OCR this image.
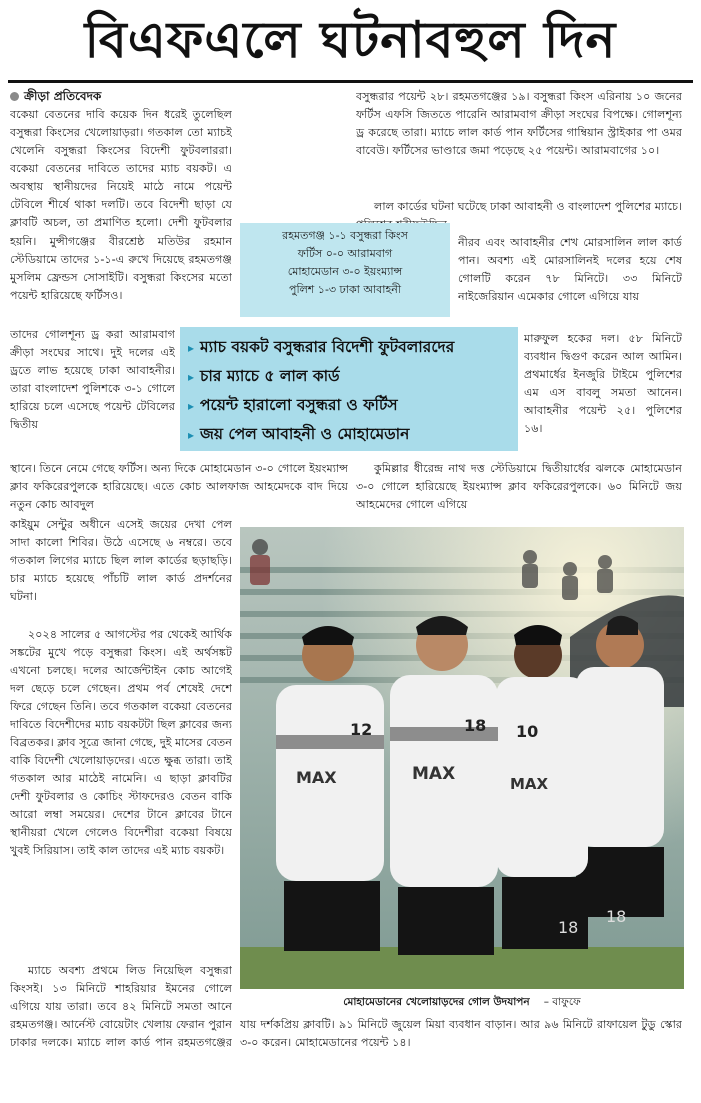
বিএফএলে ঘটনাবহুল দিন
ক্রীড়া প্রতিবেদক

বকেয়া বেতনের দাবি কয়েক দিন ধরেই তুলেছিল বসুন্ধরা কিংসের খেলোয়াড়রা। গতকাল তো ম্যাচই খেলেনি বসুন্ধরা কিংসের বিদেশী ফুটবলাররা। বকেয়া বেতনের দাবিতে তাদের ম্যাচ বয়কট। এ অবস্থায় স্থানীয়দের নিয়েই মাঠে নামে পয়েন্ট টেবিলে শীর্ষে থাকা দলটি। তবে বিদেশী ছাড়া যে ক্লাবটি অচল, তা প্রমাণিত হলো। দেশী ফুটবলার

হয়নি। মুন্সীগঞ্জের বীরশ্রেষ্ঠ মতিউর রহমান স্টেডিয়ামে তাদের ১-১-এ রুখে দিয়েছে রহমতগঞ্জ মুসলিম ফ্রেন্ডস সোসাইটি। বসুন্ধরা কিংসের মতো পয়েন্ট হারিয়েছে ফর্টিসও।

তাদের গোলশূন্য ড্র করা আরামবাগ ক্রীড়া সংঘের সাথে। দুই দলের এই ড্রতে লাভ হয়েছে ঢাকা আবাহনীর। তারা বাংলাদেশ পুলিশকে ৩-১ গোলে হারিয়ে চলে এসেছে পয়েন্ট টেবিলের দ্বিতীয়

স্থানে। তিনে নেমে গেছে ফর্টিস। অন্য দিকে মোহামেডান ৩-০ গোলে ইয়ংম্যান্স ক্লাব ফকিরেরপুলকে হারিয়েছে। এতে কোচ আলফাজ আহমেদকে বাদ দিয়ে নতুন কোচ আবদুল

কাইয়ুম সেন্টুর অধীনে এসেই জয়ের দেখা পেল সাদা কালো শিবির। উঠে এসেছে ৬ নম্বরে। তবে গতকাল লিগের ম্যাচে ছিল লাল কার্ডের ছড়াছড়ি। চার ম্যাচে হয়েছে পাঁচটি লাল কার্ড প্রদর্শনের ঘটনা।

২০২৪ সালের ৫ আগস্টের পর থেকেই আর্থিক সঙ্কটের মুখে পড়ে বসুন্ধরা কিংস। এই অর্থসঙ্কট এখনো চলছে। দলের আর্জেন্টাইন কোচ আগেই দল ছেড়ে চলে গেছেন। প্রথম পর্ব শেষেই দেশে ফিরে গেছেন তিনি। তবে গতকাল বকেয়া বেতনের দাবিতে বিদেশীদের ম্যাচ বয়কটটা ছিল ক্লাবের জন্য বিব্রতকর। ক্লাব সূত্রে জানা গেছে, দুই মাসের বেতন বাকি বিদেশী খেলোয়াড়দের। এতে ক্ষুব্ধ তারা। তাই গতকাল আর মাঠেই নামেনি। এ ছাড়া ক্লাবটির দেশী ফুটবলার ও কোচিং স্টাফদেরও বেতন বাকি আরো লম্বা সময়ের। দেশের টানে ক্লাবের টানে স্থানীয়রা খেলে গেলেও বিদেশীরা বকেয়া বিষয়ে খুবই সিরিয়াস। তাই কাল তাদের এই ম্যাচ বয়কট।

ম্যাচে অবশ্য প্রথমে লিড নিয়েছিল বসুন্ধরা কিংসই। ১৩ মিনিটে শাহরিয়ার ইমনের গোলে এগিয়ে যায় তারা। তবে ৪২ মিনিটে সমতা আনে রহমতগঞ্জ। আর্নেস্ট বোয়েটাং খেলায় ফেরান পুরান ঢাকার দলকে। ম্যাচে লাল কার্ড পান রহমতগঞ্জের

বসুন্ধরার পয়েন্ট ২৮। রহমতগঞ্জের ১৯। বসুন্ধরা কিংস এরিনায় ১০ জনের ফর্টিস এফসি জিততে পারেনি আরামবাগ ক্রীড়া সংঘের বিপক্ষে। গোলশূন্য ড্র করেছে তারা। ম্যাচে লাল কার্ড পান ফর্টিসের গাম্বিয়ান স্ট্রাইকার পা ওমর বাবেউ। ফর্টিসের ভাণ্ডারে জমা পড়েছে ২৫ পয়েন্ট। আরামবাগের ১০।

লাল কার্ডের ঘটনা ঘটেছে ঢাকা আবাহনী ও বাংলাদেশ পুলিশের ম্যাচে।

নীরব এবং আবাহনীর শেখ মোরসালিন লাল কার্ড পান। অবশ্য এই মোরসালিনই দলের হয়ে শেষ গোলটি করেন ৭৮ মিনিটে। ৩৩ মিনিটে নাইজেরিয়ান এমেকার গোলে এগিয়ে যায়

মারুফুল হকের দল। ৫৮ মিনিটে ব্যবধান দ্বিগুণ করেন আল আমিন। প্রথমার্ধের ইনজুরি টাইমে পুলিশের এম এস বাবলু সমতা আনেন। আবাহনীর পয়েন্ট ২৫। পুলিশের ১৬।

কুমিল্লার ধীরেন্দ্র নাথ দত্ত স্টেডিয়ামে দ্বিতীয়ার্ধের ঝলকে মোহামেডান ৩-০ গোলে হারিয়েছে ইয়ংম্যান্স ক্লাব ফকিরেরপুলকে। ৬০ মিনিটে জয় আহমেদের গোলে এগিয়ে

রহমতগঞ্জ ১-১ বসুন্ধরা কিংস
ফর্টিস ০-০ আরামবাগ
মোহামেডান ৩-০ ইয়ংম্যান্স
পুলিশ ১-৩ ঢাকা আবাহনী
▸ ম্যাচ বয়কট বসুন্ধরার বিদেশী ফুটবলারদের
▸ চার ম্যাচে ৫ লাল কার্ড
▸ পয়েন্ট হারালো বসুন্ধরা ও ফর্টিস
▸ জয় পেল আবাহনী ও মোহামেডান
18
10
MAX
18
18
MAX
12
MAX
মোহামেডানের খেলোয়াড়দের গোল উদযাপন – বাফুফে

যায় দর্শকপ্রিয় ক্লাবটি। ৯১ মিনিটে জুয়েল মিয়া ব্যবধান বাড়ান। আর ৯৬ মিনিটে রাফায়েল টুডু স্কোর ৩-০ করেন। মোহামেডানের পয়েন্ট ১৪।
